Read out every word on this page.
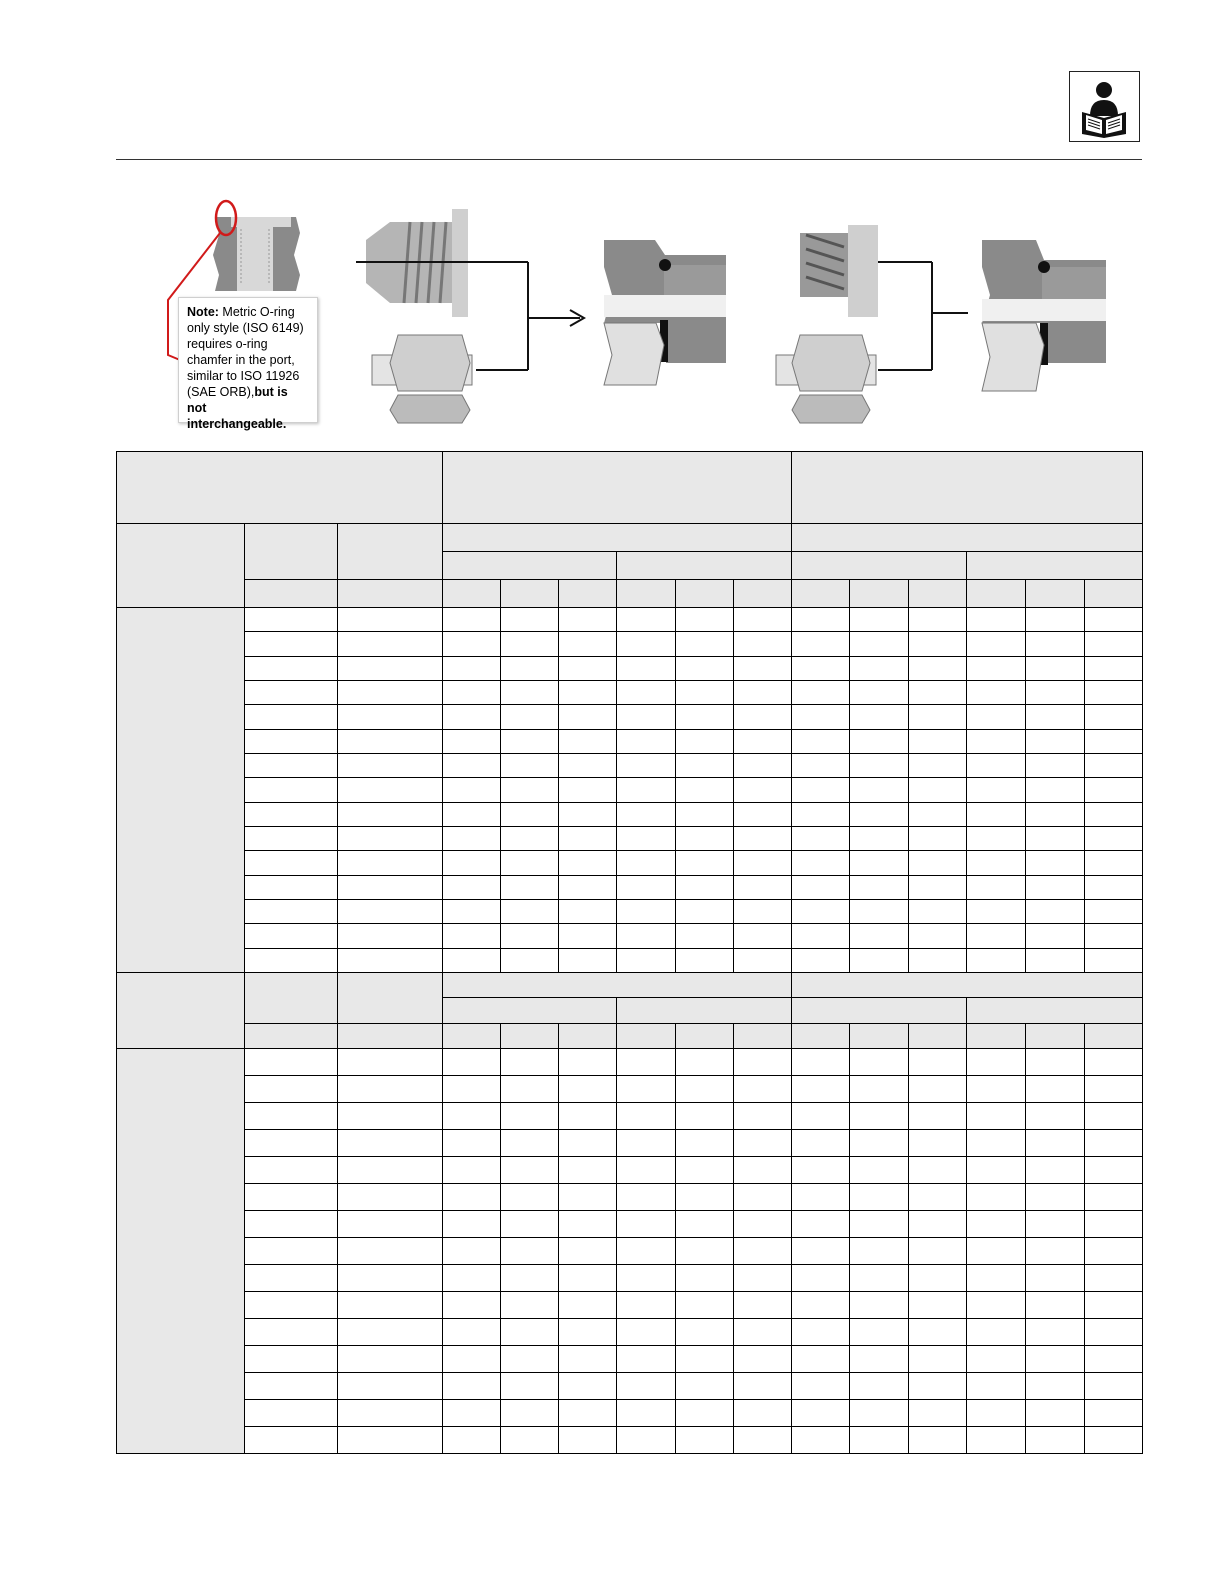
Note: Metric O-ring
only style (ISO 6149)
requires o-ring
chamfer in the port,
similar to ISO 11926
(SAE ORB),but is not
interchangeable.
